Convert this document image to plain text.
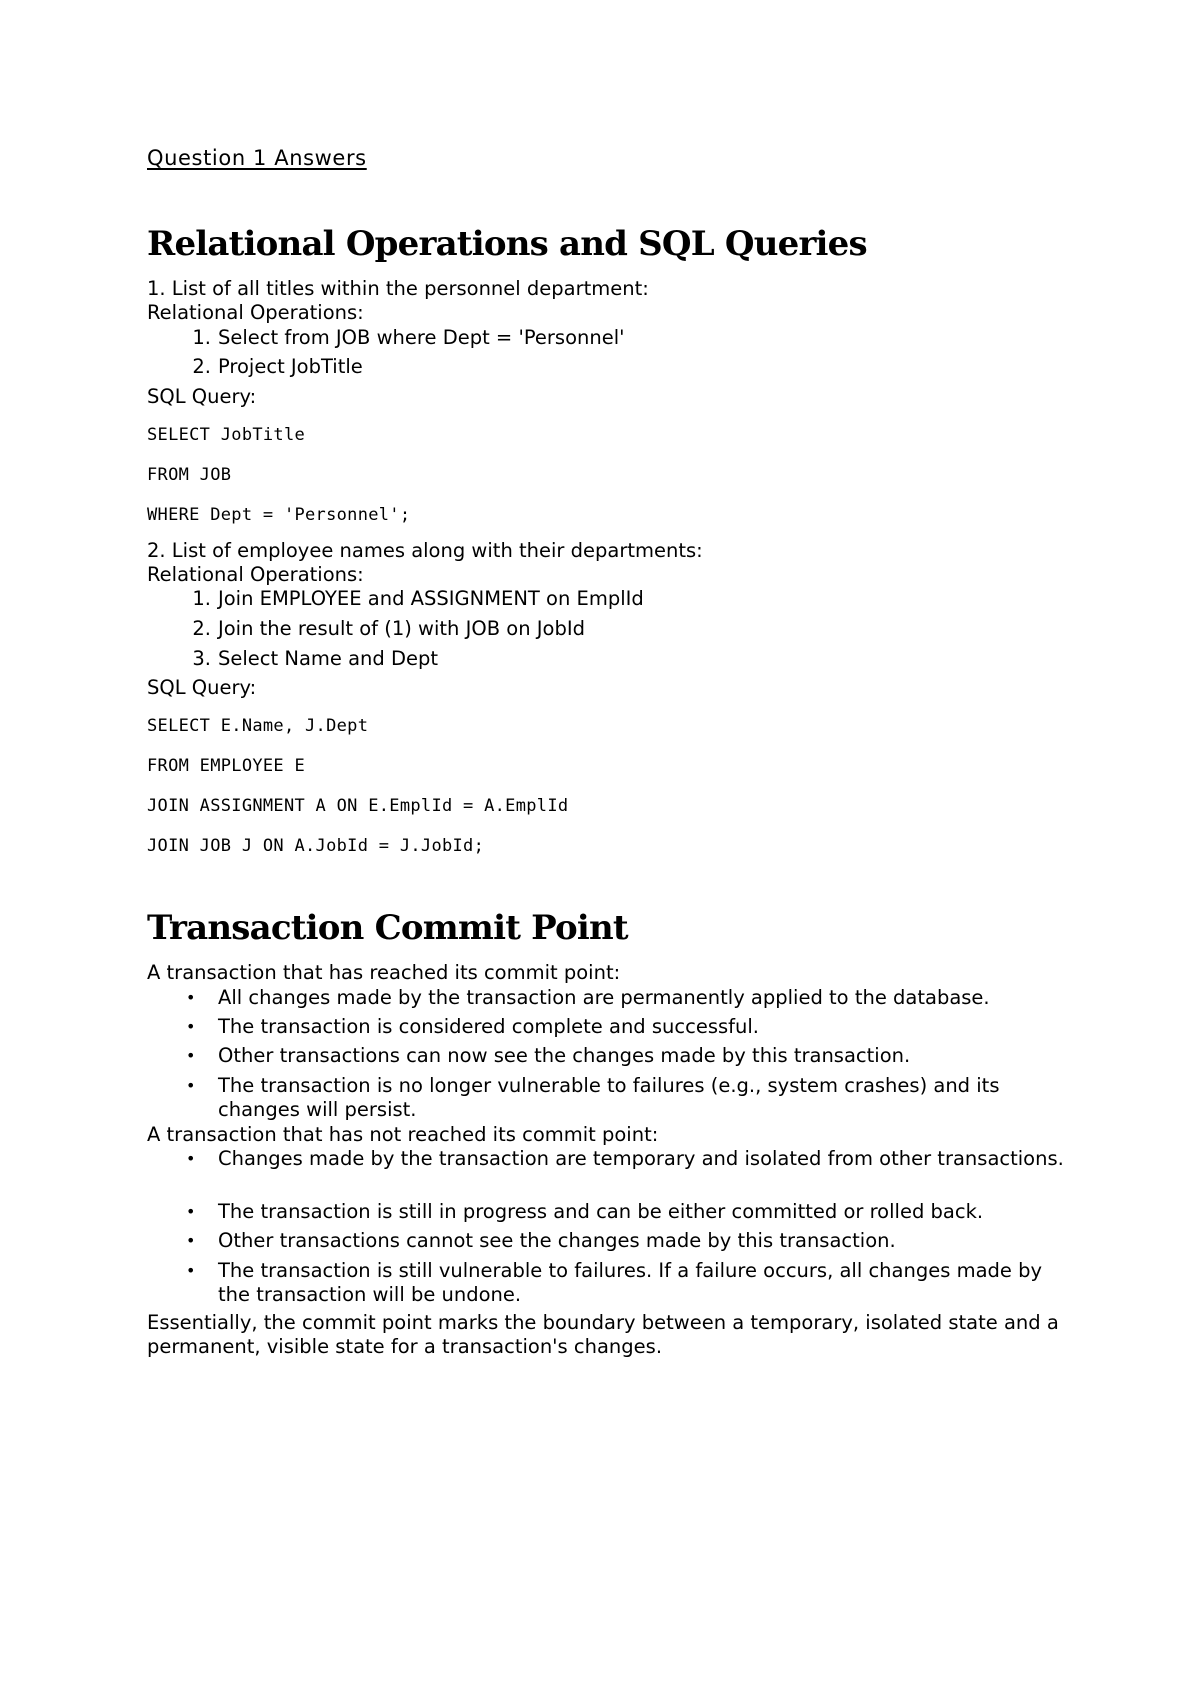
Question 1 Answers
Relational Operations and SQL Queries
1. List of all titles within the personnel department:
Relational Operations:
1. Select from JOB where Dept = 'Personnel'
2. Project JobTitle
SQL Query:
SELECT JobTitle
FROM JOB
WHERE Dept = 'Personnel';
2. List of employee names along with their departments:
Relational Operations:
1. Join EMPLOYEE and ASSIGNMENT on EmplId
2. Join the result of (1) with JOB on JobId
3. Select Name and Dept
SQL Query:
SELECT E.Name, J.Dept
FROM EMPLOYEE E
JOIN ASSIGNMENT A ON E.EmplId = A.EmplId
JOIN JOB J ON A.JobId = J.JobId;
Transaction Commit Point
A transaction that has reached its commit point:
• All changes made by the transaction are permanently applied to the database.
• The transaction is considered complete and successful.
• Other transactions can now see the changes made by this transaction.
• The transaction is no longer vulnerable to failures (e.g., system crashes) and its changes will persist.
A transaction that has not reached its commit point:
• Changes made by the transaction are temporary and isolated from other transactions.
• The transaction is still in progress and can be either committed or rolled back.
• Other transactions cannot see the changes made by this transaction.
• The transaction is still vulnerable to failures. If a failure occurs, all changes made by the transaction will be undone.
Essentially, the commit point marks the boundary between a temporary, isolated state and a permanent, visible state for a transaction's changes.
